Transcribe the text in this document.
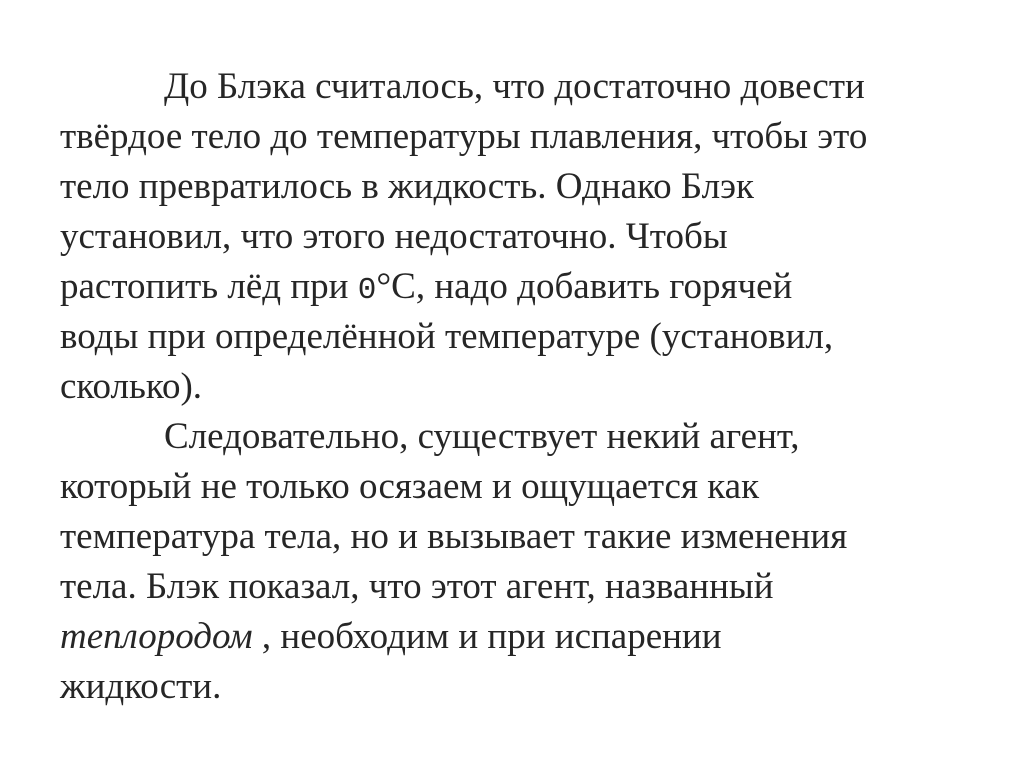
До Блэка считалось, что достаточно довести
твёрдое тело до температуры плавления, чтобы это
тело превратилось в жидкость. Однако Блэк
установил, что этого недостаточно. Чтобы
растопить лёд при 0°С, надо добавить горячей
воды при определённой температуре (установил,
сколько).
Следовательно, существует некий агент,
который не только осязаем и ощущается как
температура тела, но и вызывает такие изменения
тела. Блэк показал, что этот агент, названный
теплородом , необходим и при испарении
жидкости.
